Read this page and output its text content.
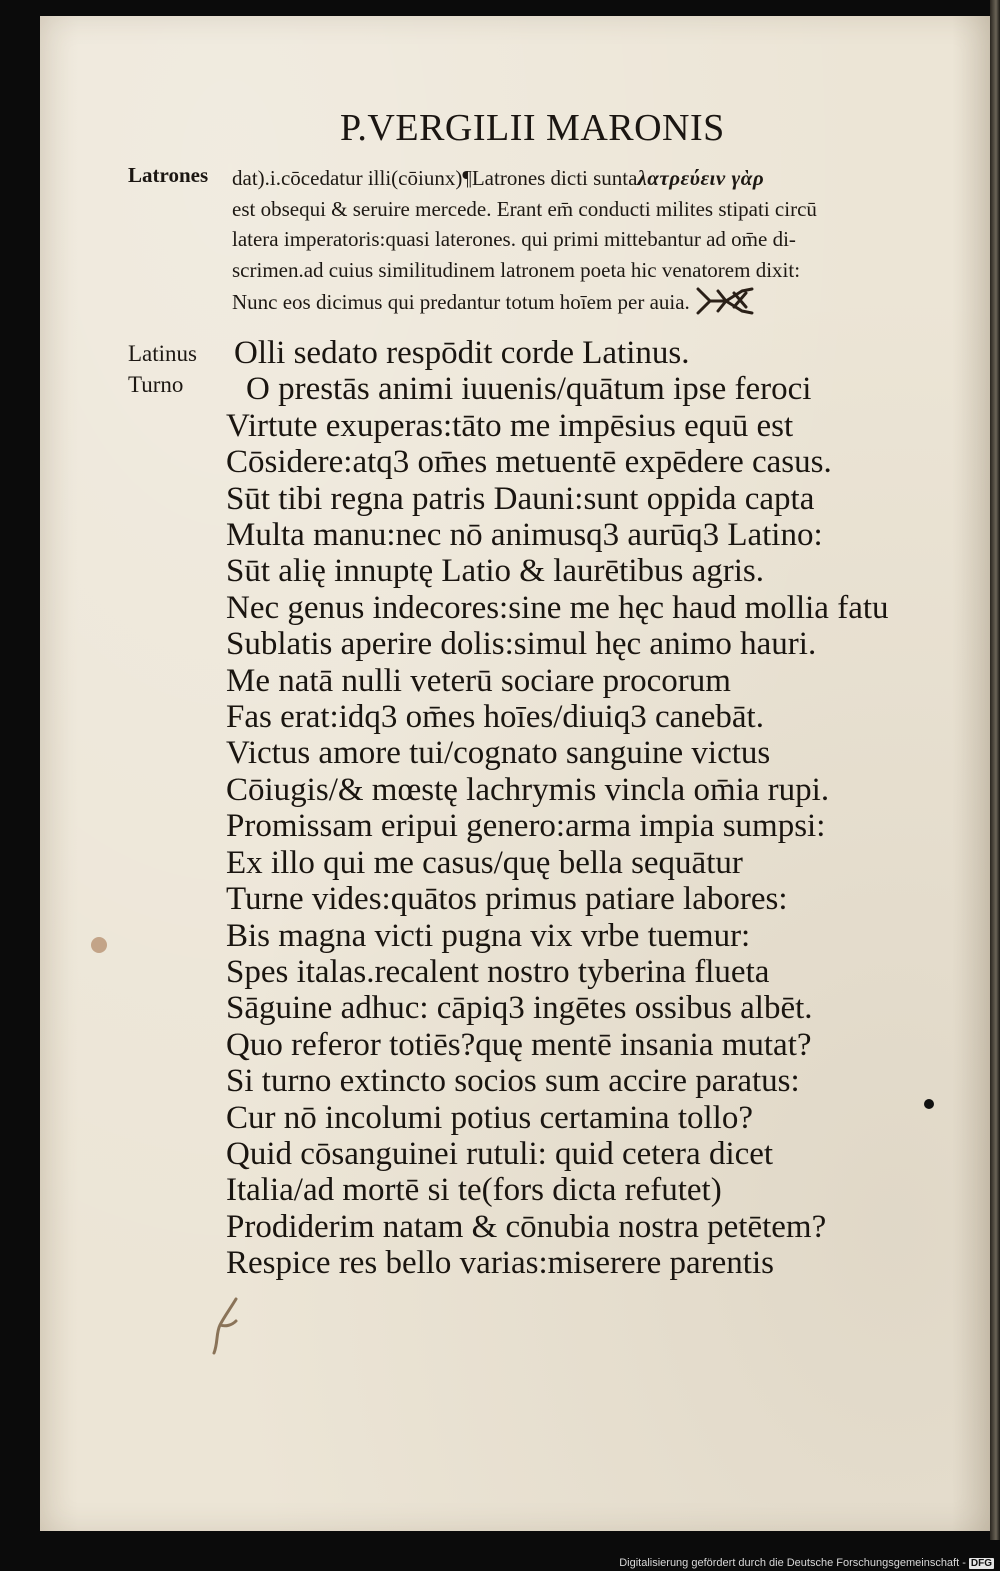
P.VERGILII MARONIS
Latrones dat).i.cōcedatur illi(cōiunx)¶Latrones dicti suntaλατρεύειν γὰρ
est obsequi & seruire mercede. Erant em̄ conducti milites stipati circū
latera imperatoris:quasi laterones. qui primi mittebantur ad om̄e di-
scrimen.ad cuius similitudinem latronem poeta hic venatorem dixit:
Nunc eos dicimus qui predantur totum hoīem per auia.
Latinus
Turno
Olli sedato respōdit corde Latinus.
O prestās animi iuuenis/quātum ipse feroci
Virtute exuperas:tāto me impēsius equū est
Cōsidere:atq3 om̄es metuentē expēdere casus.
Sūt tibi regna patris Dauni:sunt oppida capta
Multa manu:nec nō animusq3 aurūq3 Latino:
Sūt alię innuptę Latio & laurētibus agris.
Nec genus indecores:sine me hęc haud mollia fatu
Sublatis aperire dolis:simul hęc animo hauri.
Me natā nulli veterū sociare procorum
Fas erat:idq3 om̄es hoīes/diuiq3 canebāt.
Victus amore tui/cognato sanguine victus
Cōiugis/& mœstę lachrymis vincla om̄ia rupi.
Promissam eripui genero:arma impia sumpsi:
Ex illo qui me casus/quę bella sequātur
Turne vides:quātos primus patiare labores:
Bis magna victi pugna vix vrbe tuemur:
Spes italas.recalent nostro tyberina flueta
Sāguine adhuc: cāpiq3 ingētes ossibus albēt.
Quo referor totiēs?quę mentē insania mutat?
Si turno extincto socios sum accire paratus:
Cur nō incolumi potius certamina tollo?
Quid cōsanguinei rutuli: quid cetera dicet
Italia/ad mortē si te(fors dicta refutet)
Prodiderim natam & cōnubia nostra petētem?
Respice res bello varias:miserere parentis
Digitalisierung gefördert durch die Deutsche Forschungsgemeinschaft - DFG
